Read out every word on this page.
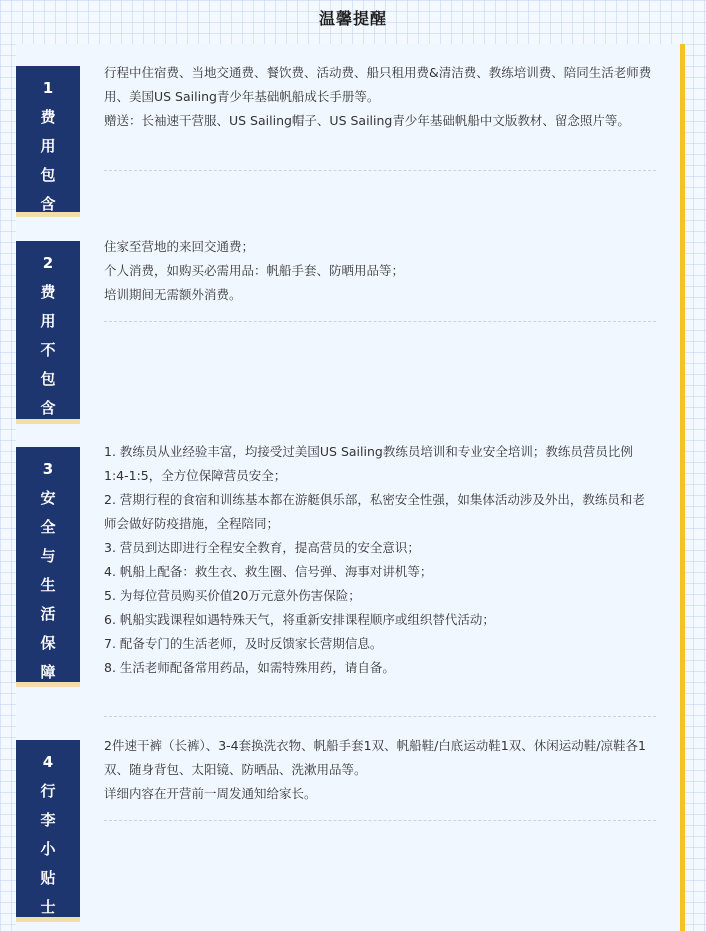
温馨提醒
1
费
用
包
含

行程中住宿费、当地交通费、餐饮费、活动费、船只租用费&清洁费、教练培训费、陪同生活老师费用、美国US Sailing青少年基础帆船成长手册等。

赠送：长袖速干营服、US Sailing帽子、US Sailing青少年基础帆船中文版教材、留念照片等。

2
费
用
不
包
含

住家至营地的来回交通费；

个人消费，如购买必需用品：帆船手套、防晒用品等；

培训期间无需额外消费。

3
安
全
与
生
活
保
障

1. 教练员从业经验丰富，均接受过美国US Sailing教练员培训和专业安全培训；教练员营员比例1:4-1:5，全方位保障营员安全；

2. 营期行程的食宿和训练基本都在游艇俱乐部，私密安全性强，如集体活动涉及外出，教练员和老师会做好防疫措施，全程陪同；

3. 营员到达即进行全程安全教育，提高营员的安全意识；

4. 帆船上配备：救生衣、救生圈、信号弹、海事对讲机等；

5. 为每位营员购买价值20万元意外伤害保险；

6. 帆船实践课程如遇特殊天气，将重新安排课程顺序或组织替代活动；

7. 配备专门的生活老师，及时反馈家长营期信息。

8. 生活老师配备常用药品，如需特殊用药，请自备。

4
行
李
小
贴
士

2件速干裤（长裤）、3-4套换洗衣物、帆船手套1双、帆船鞋/白底运动鞋1双、休闲运动鞋/凉鞋各1双、随身背包、太阳镜、防晒品、洗漱用品等。

详细内容在开营前一周发通知给家长。
